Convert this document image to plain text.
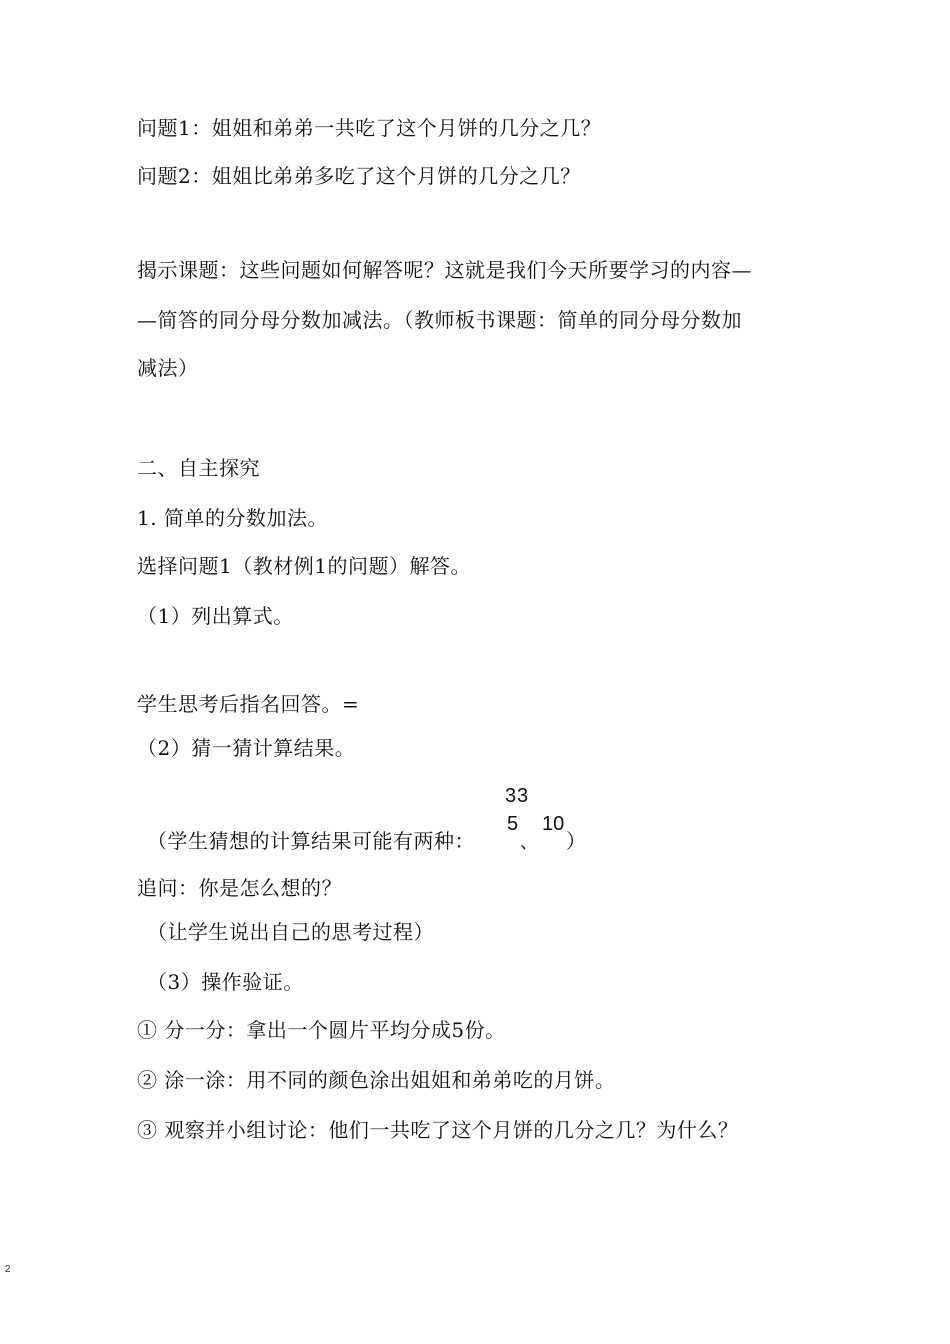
问题1：姐姐和弟弟一共吃了这个月饼的几分之几？
问题2：姐姐比弟弟多吃了这个月饼的几分之几？
揭示课题：这些问题如何解答呢？这就是我们今天所要学习的内容—
—简答的同分母分数加减法。（教师板书课题：简单的同分母分数加
减法）
二、自主探究
1. 简单的分数加法。
选择问题1（教材例1的问题）解答。
（1）列出算式。
学生思考后指名回答。=
（2）猜一猜计算结果。
3 3
5 10
（学生猜想的计算结果可能有两种：	、 ）
追问：你是怎么想的？
（让学生说出自己的思考过程）
（3）操作验证。
① 分一分：拿出一个圆片平均分成5份。
② 涂一涂：用不同的颜色涂出姐姐和弟弟吃的月饼。
③ 观察并小组讨论：他们一共吃了这个月饼的几分之几？为什么？
2
